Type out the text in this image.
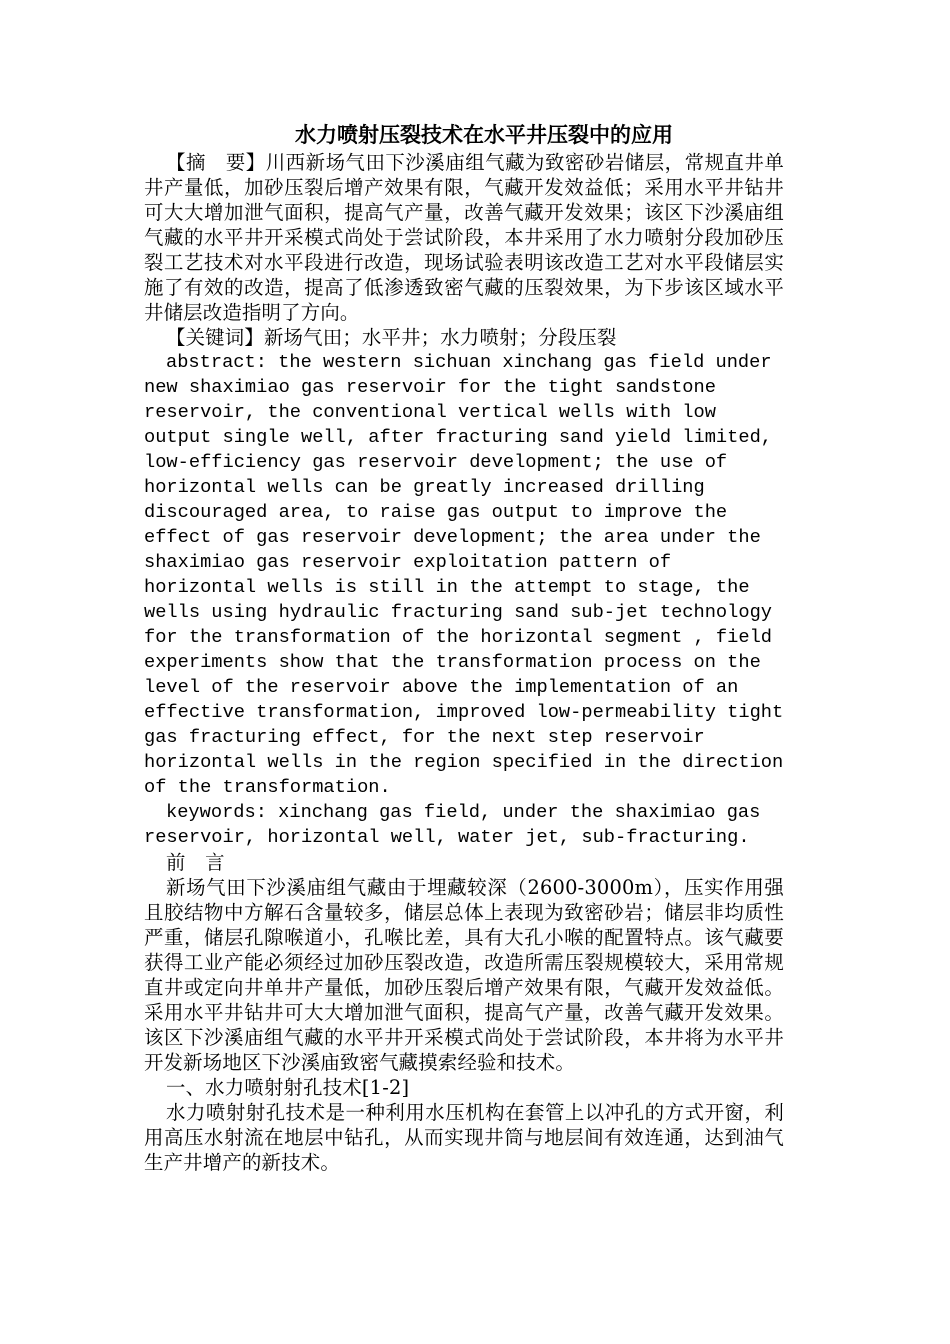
水力喷射压裂技术在水平井压裂中的应用

【摘　要】川西新场气田下沙溪庙组气藏为致密砂岩储层，常规直井单井产量低，加砂压裂后增产效果有限，气藏开发效益低；采用水平井钻井可大大增加泄气面积，提高气产量，改善气藏开发效果；该区下沙溪庙组气藏的水平井开采模式尚处于尝试阶段，本井采用了水力喷射分段加砂压裂工艺技术对水平段进行改造，现场试验表明该改造工艺对水平段储层实施了有效的改造，提高了低渗透致密气藏的压裂效果，为下步该区域水平井储层改造指明了方向。

【关键词】新场气田；水平井；水力喷射；分段压裂

abstract: the western sichuan xinchang gas field under new shaximiao gas reservoir for the tight sandstone reservoir, the conventional vertical wells with low output single well, after fracturing sand yield limited, low-efficiency gas reservoir development; the use of horizontal wells can be greatly increased drilling discouraged area, to raise gas output to improve the effect of gas reservoir development; the area under the shaximiao gas reservoir exploitation pattern of horizontal wells is still in the attempt to stage, the wells using hydraulic fracturing sand sub-jet technology for the transformation of the horizontal segment , field experiments show that the transformation process on the level of the reservoir above the implementation of an effective transformation, improved low-permeability tight gas fracturing effect, for the next step reservoir horizontal wells in the region specified in the direction of the transformation.

keywords: xinchang gas field, under the shaximiao gas reservoir, horizontal well, water jet, sub-fracturing.

前　言

新场气田下沙溪庙组气藏由于埋藏较深（2600-3000m），压实作用强且胶结物中方解石含量较多，储层总体上表现为致密砂岩；储层非均质性严重，储层孔隙喉道小，孔喉比差，具有大孔小喉的配置特点。该气藏要获得工业产能必须经过加砂压裂改造，改造所需压裂规模较大，采用常规直井或定向井单井产量低，加砂压裂后增产效果有限，气藏开发效益低。采用水平井钻井可大大增加泄气面积，提高气产量，改善气藏开发效果。该区下沙溪庙组气藏的水平井开采模式尚处于尝试阶段，本井将为水平井开发新场地区下沙溪庙致密气藏摸索经验和技术。

一、水力喷射射孔技术[1-2]

水力喷射射孔技术是一种利用水压机构在套管上以冲孔的方式开窗，利用高压水射流在地层中钻孔，从而实现井筒与地层间有效连通，达到油气生产井增产的新技术。
